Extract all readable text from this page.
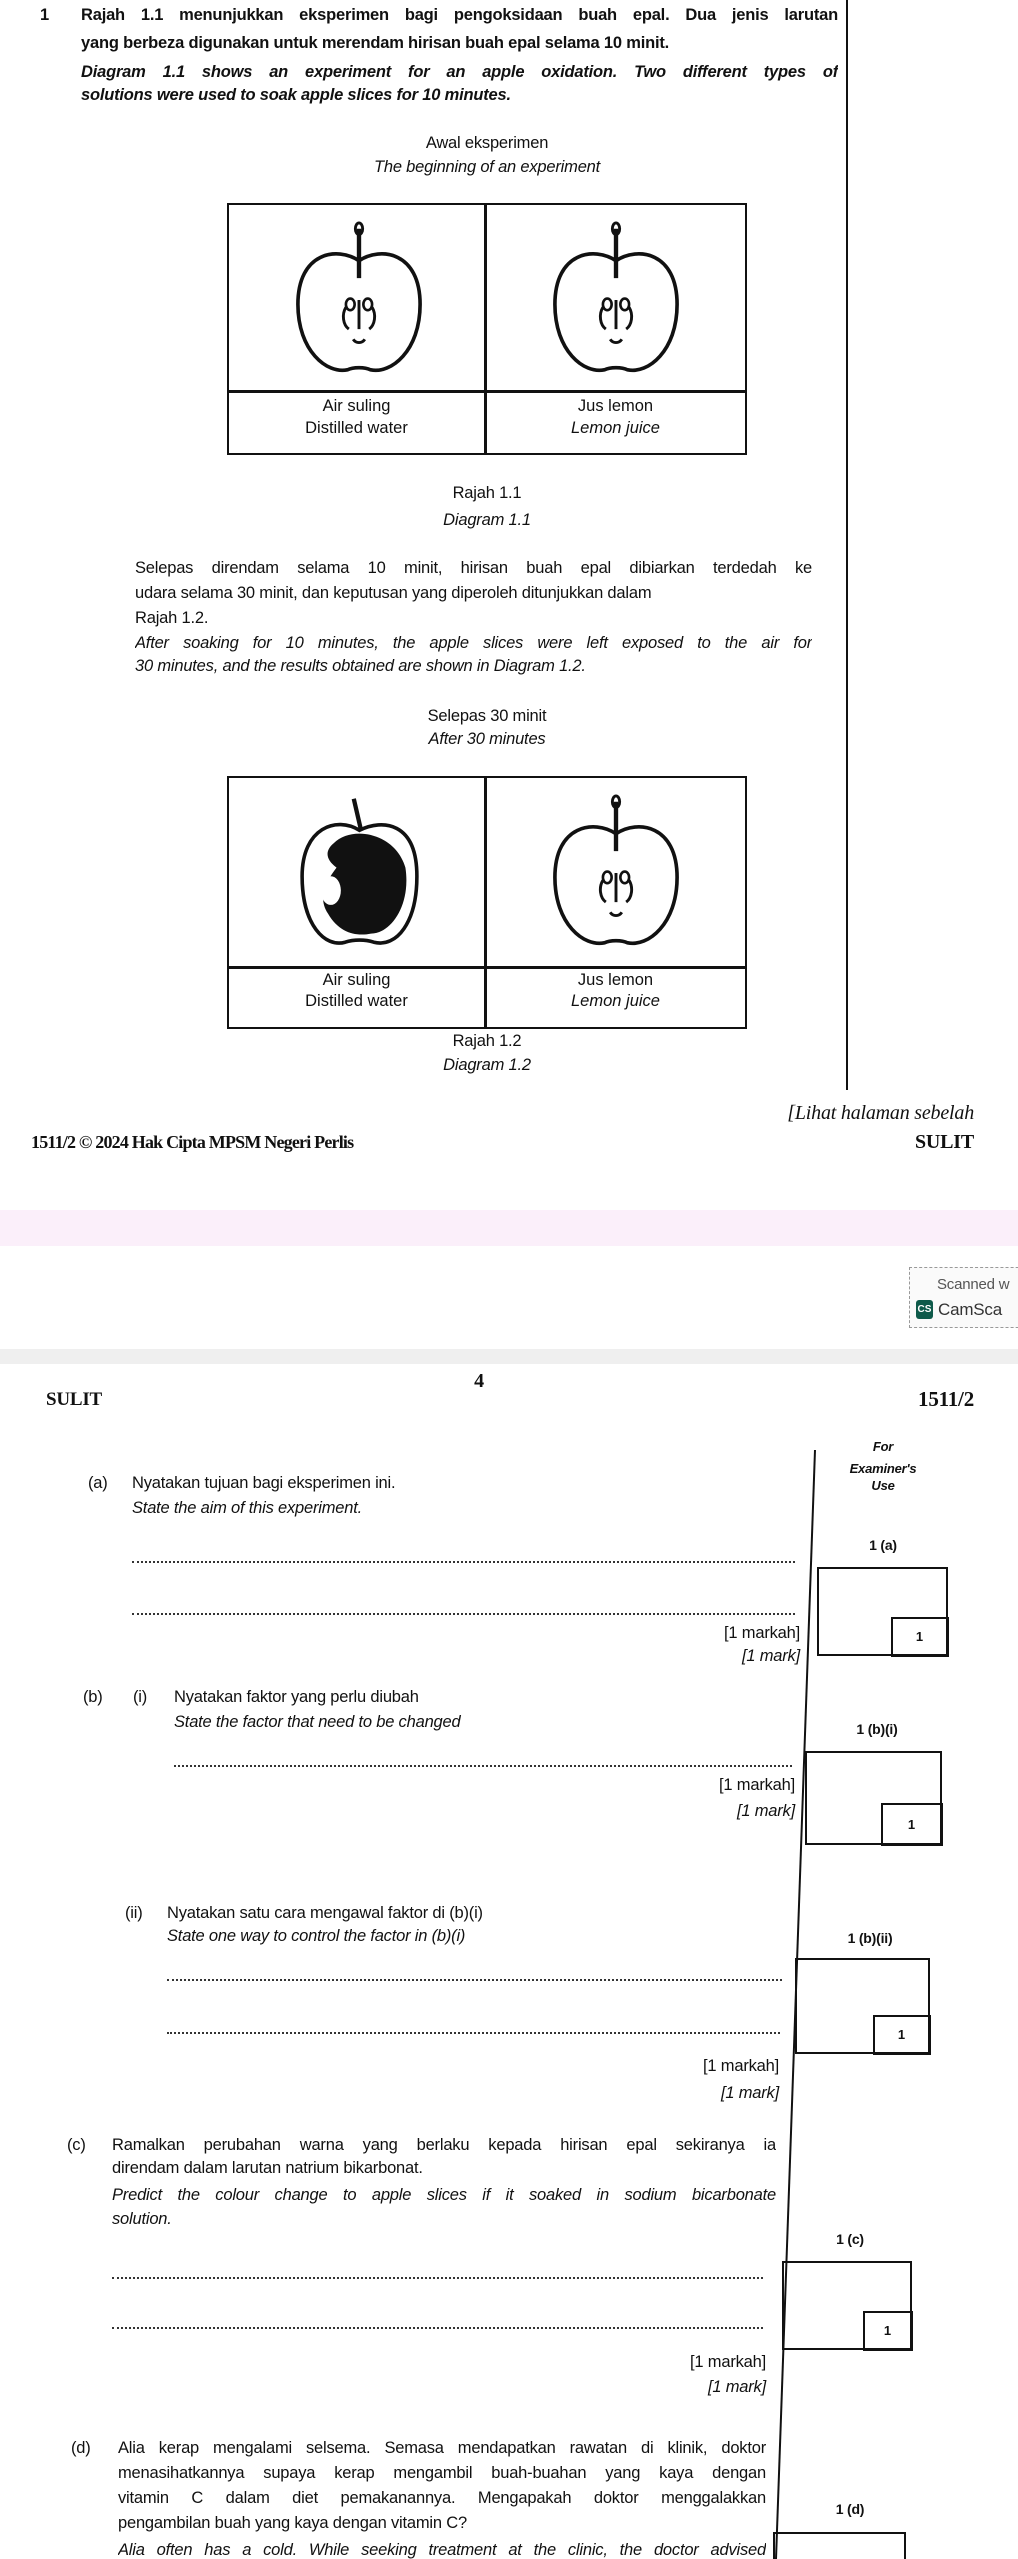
1 Rajah 1.1 menunjukkan eksperimen bagi pengoksidaan buah epal. Dua jenis larutan
yang berbeza digunakan untuk merendam hirisan buah epal selama 10 minit.
Diagram 1.1 shows an experiment for an apple oxidation. Two different types of
solutions were used to soak apple slices for 10 minutes.
Awal eksperimen
The beginning of an experiment
Air suling
Distilled water
Jus lemon
Lemon juice
Rajah 1.1
Diagram 1.1
Selepas direndam selama 10 minit, hirisan buah epal dibiarkan terdedah ke
udara selama 30 minit, dan keputusan yang diperoleh ditunjukkan dalam
Rajah 1.2.
After soaking for 10 minutes, the apple slices were left exposed to the air for
30 minutes, and the results obtained are shown in Diagram 1.2.
Selepas 30 minit
After 30 minutes
Air suling
Distilled water
Jus lemon
Lemon juice
Rajah 1.2
Diagram 1.2
[Lihat halaman sebelah
1511/2 © 2024 Hak Cipta MPSM Negeri Perlis	SULIT
Scanned w
CS CamSca
4
SULIT	1511/2
For
Examiner's
Use
(a) Nyatakan tujuan bagi eksperimen ini.
State the aim of this experiment.
[1 markah]
[1 mark]
1 (a)
1
(b) (i) Nyatakan faktor yang perlu diubah
State the factor that need to be changed
[1 markah]
[1 mark]
1 (b)(i)
1
(ii) Nyatakan satu cara mengawal faktor di (b)(i)
State one way to control the factor in (b)(i)
[1 markah]
[1 mark]
1 (b)(ii)
1
(c) Ramalkan perubahan warna yang berlaku kepada hirisan epal sekiranya ia
direndam dalam larutan natrium bikarbonat.
Predict the colour change to apple slices if it soaked in sodium bicarbonate
solution.
[1 markah]
[1 mark]
1 (c)
1
(d) Alia kerap mengalami selsema. Semasa mendapatkan rawatan di klinik, doktor
menasihatkannya supaya kerap mengambil buah-buahan yang kaya dengan
vitamin C dalam diet pemakanannya. Mengapakah doktor menggalakkan
pengambilan buah yang kaya dengan vitamin C?
Alia often has a cold. While seeking treatment at the clinic, the doctor advised
1 (d)
